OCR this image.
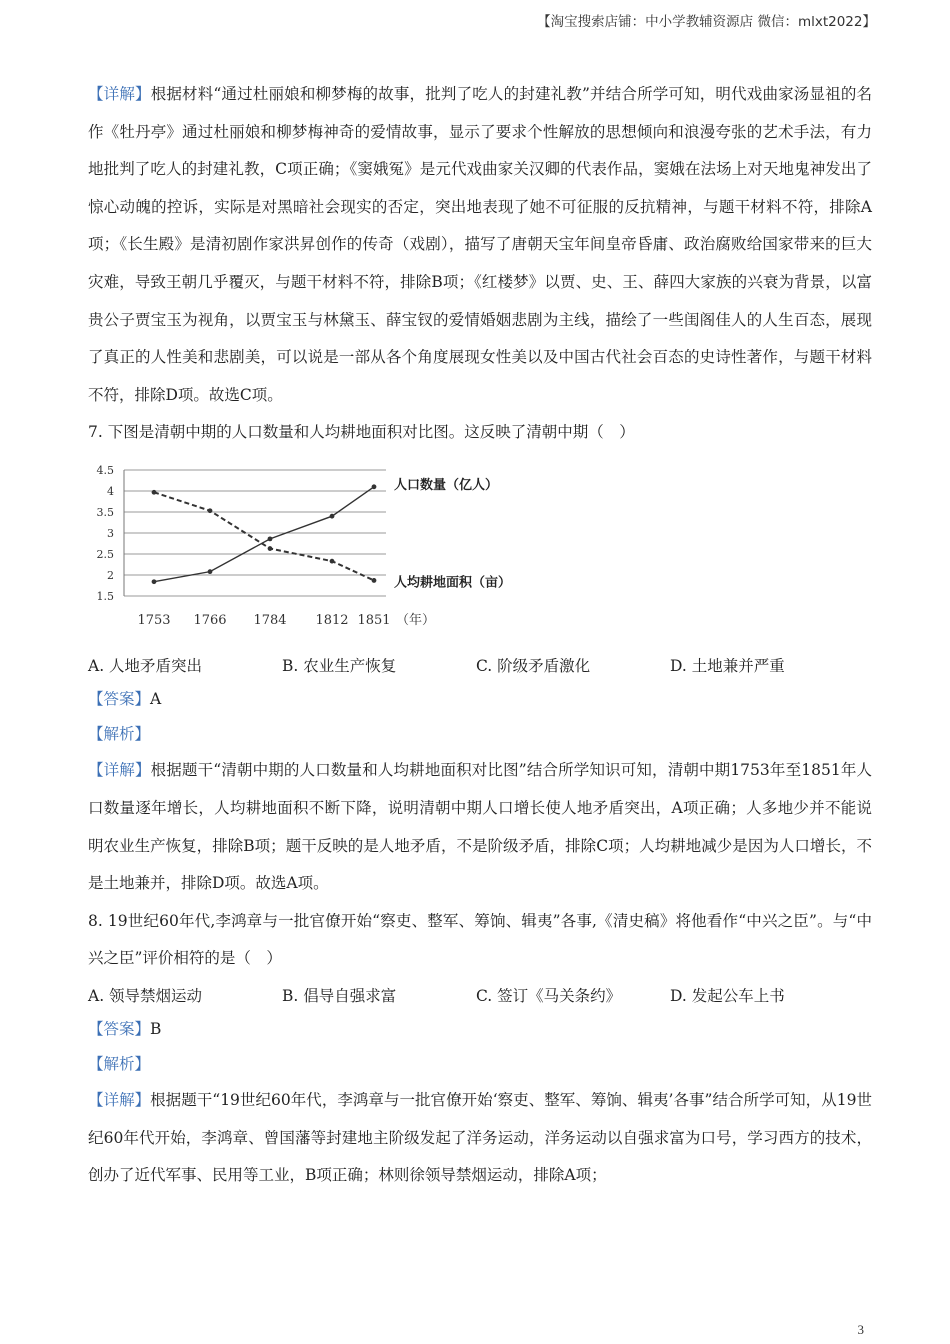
【淘宝搜索店铺：中小学教辅资源店 微信：mlxt2022】

【详解】根据材料“通过杜丽娘和柳梦梅的故事，批判了吃人的封建礼教”并结合所学可知，明代戏曲家汤显祖的名作《牡丹亭》通过杜丽娘和柳梦梅神奇的爱情故事，显示了要求个性解放的思想倾向和浪漫夸张的艺术手法，有力地批判了吃人的封建礼教，C项正确；《窦娥冤》是元代戏曲家关汉卿的代表作品，窦娥在法场上对天地鬼神发出了惊心动魄的控诉，实际是对黑暗社会现实的否定，突出地表现了她不可征服的反抗精神，与题干材料不符，排除A项；《长生殿》是清初剧作家洪昇创作的传奇（戏剧），描写了唐朝天宝年间皇帝昏庸、政治腐败给国家带来的巨大灾难，导致王朝几乎覆灭，与题干材料不符，排除B项；《红楼梦》以贾、史、王、薛四大家族的兴衰为背景，以富贵公子贾宝玉为视角，以贾宝玉与林黛玉、薛宝钗的爱情婚姻悲剧为主线，描绘了一些闺阁佳人的人生百态，展现了真正的人性美和悲剧美，可以说是一部从各个角度展现女性美以及中国古代社会百态的史诗性著作，与题干材料不符，排除D项。故选C项。

7. 下图是清朝中期的人口数量和人均耕地面积对比图。这反映了清朝中期（　）

4.5
4
3.5
3
2.5
2
1.5
1753 1766 1784 1812 1851 （年）
人口数量（亿人）
人均耕地面积（亩）
A. 人地矛盾突出	B. 农业生产恢复	C. 阶级矛盾激化	D. 土地兼并严重

【答案】A

【解析】

【详解】根据题干“清朝中期的人口数量和人均耕地面积对比图”结合所学知识可知，清朝中期1753年至1851年人口数量逐年增长，人均耕地面积不断下降，说明清朝中期人口增长使人地矛盾突出，A项正确；人多地少并不能说明农业生产恢复，排除B项；题干反映的是人地矛盾，不是阶级矛盾，排除C项；人均耕地减少是因为人口增长，不是土地兼并，排除D项。故选A项。

8. 19世纪60年代,李鸿章与一批官僚开始“察吏、整军、筹饷、辑夷”各事,《清史稿》将他看作“中兴之臣”。与“中兴之臣”评价相符的是（　）

A. 领导禁烟运动	B. 倡导自强求富	C. 签订《马关条约》	D. 发起公车上书

【答案】B

【解析】

【详解】根据题干“19世纪60年代，李鸿章与一批官僚开始‘察吏、整军、筹饷、辑夷’各事”结合所学可知，从19世纪60年代开始，李鸿章、曾国藩等封建地主阶级发起了洋务运动，洋务运动以自强求富为口号，学习西方的技术，创办了近代军事、民用等工业，B项正确；林则徐领导禁烟运动，排除A项；

3
